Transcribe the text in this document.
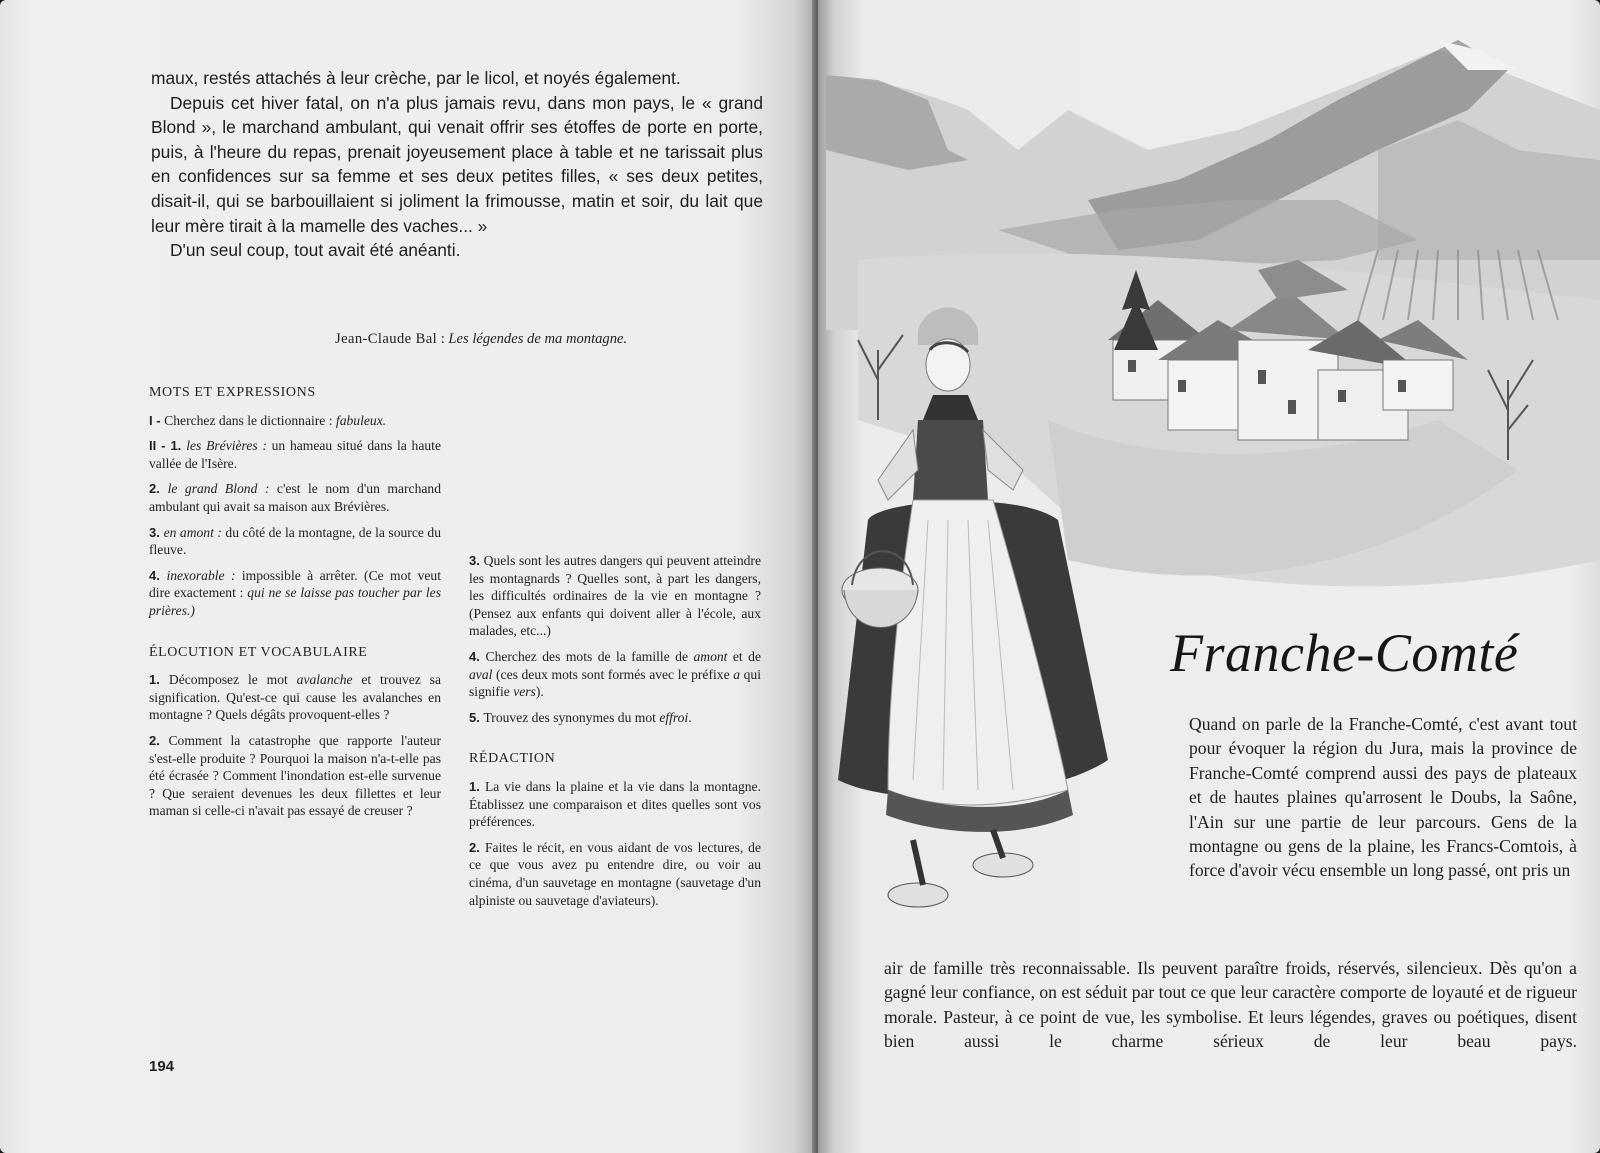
maux, restés attachés à leur crèche, par le licol, et noyés également.

Depuis cet hiver fatal, on n'a plus jamais revu, dans mon pays, le « grand Blond », le marchand ambulant, qui venait offrir ses étoffes de porte en porte, puis, à l'heure du repas, prenait joyeusement place à table et ne tarissait plus en confidences sur sa femme et ses deux petites filles, « ses deux petites, disait-il, qui se barbouillaient si joliment la frimousse, matin et soir, du lait que leur mère tirait à la mamelle des vaches... »

D'un seul coup, tout avait été anéanti.

Jean-Claude Bal : Les légendes de ma montagne.
MOTS ET EXPRESSIONS
I - Cherchez dans le dictionnaire : fabuleux.
II - 1. les Brévières : un hameau situé dans la haute vallée de l'Isère.
2. le grand Blond : c'est le nom d'un marchand ambulant qui avait sa maison aux Brévières.
3. en amont : du côté de la montagne, de la source du fleuve.
4. inexorable : impossible à arrêter. (Ce mot veut dire exactement : qui ne se laisse pas toucher par les prières.)
ÉLOCUTION ET VOCABULAIRE
1. Décomposez le mot avalanche et trouvez sa signification. Qu'est-ce qui cause les avalanches en montagne ? Quels dégâts provoquent-elles ?
2. Comment la catastrophe que rapporte l'auteur s'est-elle produite ? Pourquoi la maison n'a-t-elle pas été écrasée ? Comment l'inondation est-elle survenue ? Que seraient devenues les deux fillettes et leur maman si celle-ci n'avait pas essayé de creuser ?
3. Quels sont les autres dangers qui peuvent atteindre les montagnards ? Quelles sont, à part les dangers, les difficultés ordinaires de la vie en montagne ? (Pensez aux enfants qui doivent aller à l'école, aux malades, etc...)
4. Cherchez des mots de la famille de amont et de aval (ces deux mots sont formés avec le préfixe a qui signifie vers).
5. Trouvez des synonymes du mot effroi.
RÉDACTION
1. La vie dans la plaine et la vie dans la montagne. Établissez une comparaison et dites quelles sont vos préférences.
2. Faites le récit, en vous aidant de vos lectures, de ce que vous avez pu entendre dire, ou voir au cinéma, d'un sauvetage en montagne (sauvetage d'un alpiniste ou sauvetage d'aviateurs).
194
Franche-Comté
Quand on parle de la Franche-Comté, c'est avant tout pour évoquer la région du Jura, mais la province de Franche-Comté comprend aussi des pays de plateaux et de hautes plaines qu'arrosent le Doubs, la Saône, l'Ain sur une partie de leur parcours. Gens de la montagne ou gens de la plaine, les Francs-Comtois, à force d'avoir vécu ensemble un long passé, ont pris un
air de famille très reconnaissable. Ils peuvent paraître froids, réservés, silencieux. Dès qu'on a gagné leur confiance, on est séduit par tout ce que leur caractère comporte de loyauté et de rigueur morale. Pasteur, à ce point de vue, les symbolise. Et leurs légendes, graves ou poétiques, disent bien aussi le charme sérieux de leur beau pays.
